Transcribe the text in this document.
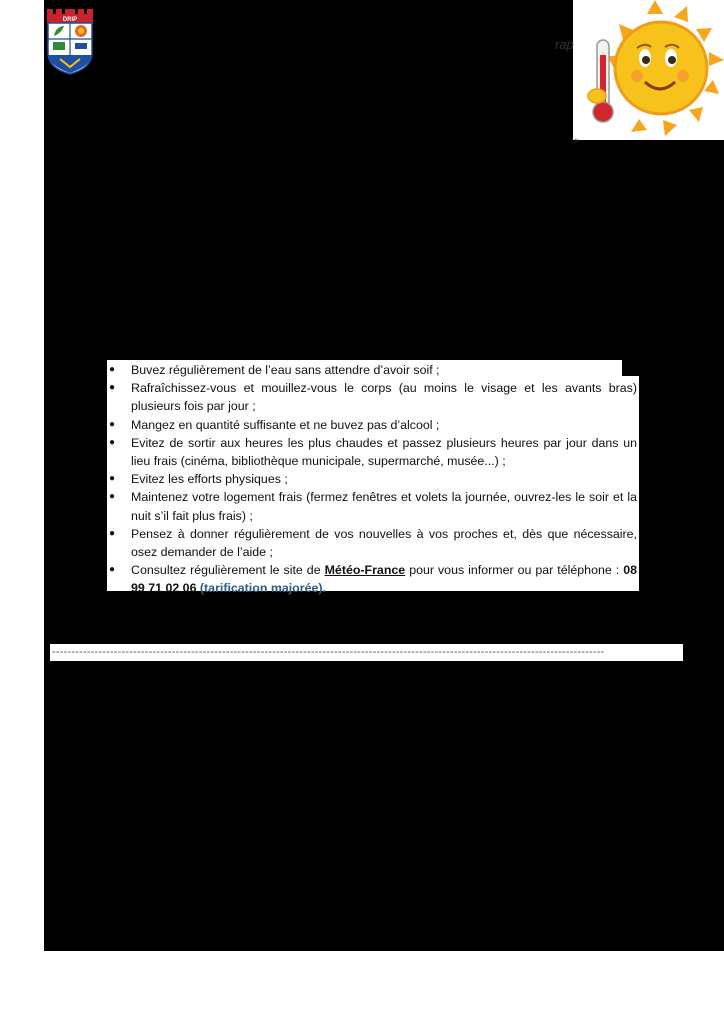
DRIP
rap
»
●	Buvez régulièrement de l’eau sans attendre d’avoir soif ;
●	Rafraîchissez-vous et mouillez-vous le corps (au moins le visage et les avants bras) plusieurs fois par jour ;
●	Mangez en quantité suffisante et ne buvez pas d’alcool ;
●	Evitez de sortir aux heures les plus chaudes et passez plusieurs heures par jour dans un lieu frais (cinéma, bibliothèque municipale, supermarché, musée...) ;
●	Evitez les efforts physiques ;
●	Maintenez votre logement frais (fermez fenêtres et volets la journée, ouvrez-les le soir et la nuit s’il fait plus frais) ;
●	Pensez à donner régulièrement de vos nouvelles à vos proches et, dès que nécessaire, osez demander de l’aide ;
●	Consultez régulièrement le site de Météo-France pour vous informer ou par téléphone : 08 99 71 02 06 (tarification majorée).
-----------------------------------------------------------------------------------------------------------------------------------------------
